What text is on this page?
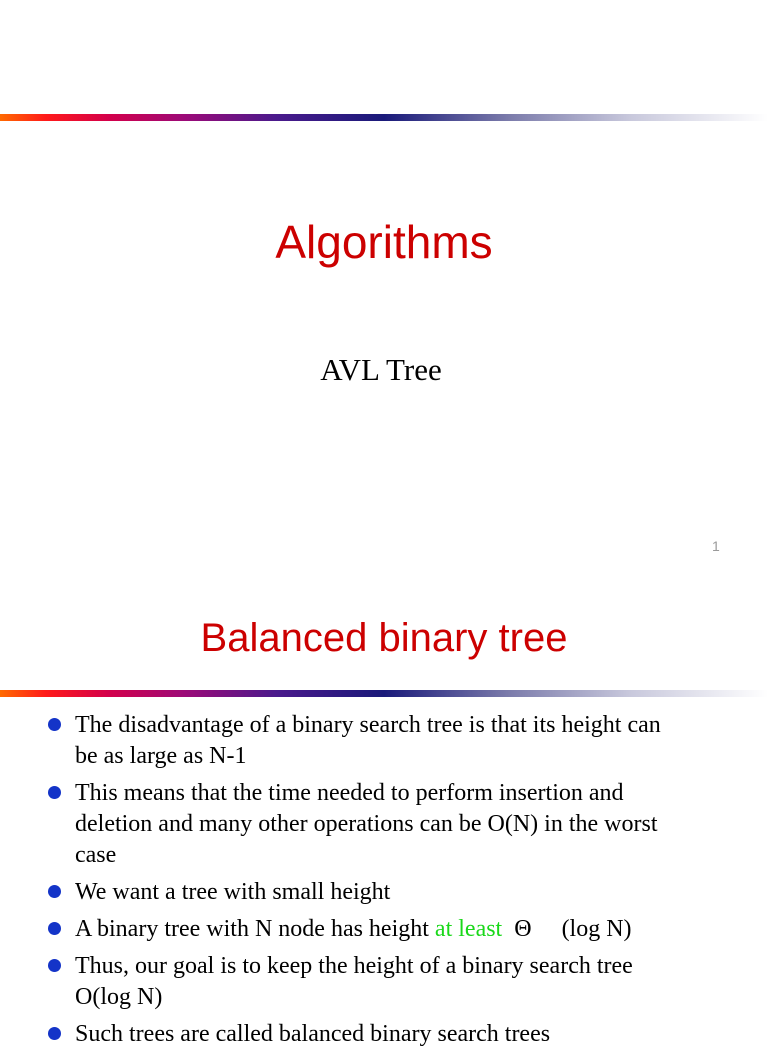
Algorithms
AVL Tree
1
Balanced binary tree
The disadvantage of a binary search tree is that its height can be as large as N-1
This means that the time needed to perform insertion and deletion and many other operations can be O(N) in the worst case
We want a tree with small height
A binary tree with N node has height at least  Θ     (log N)
Thus, our goal is to keep the height of a binary search tree O(log N)
Such trees are called balanced binary search trees
